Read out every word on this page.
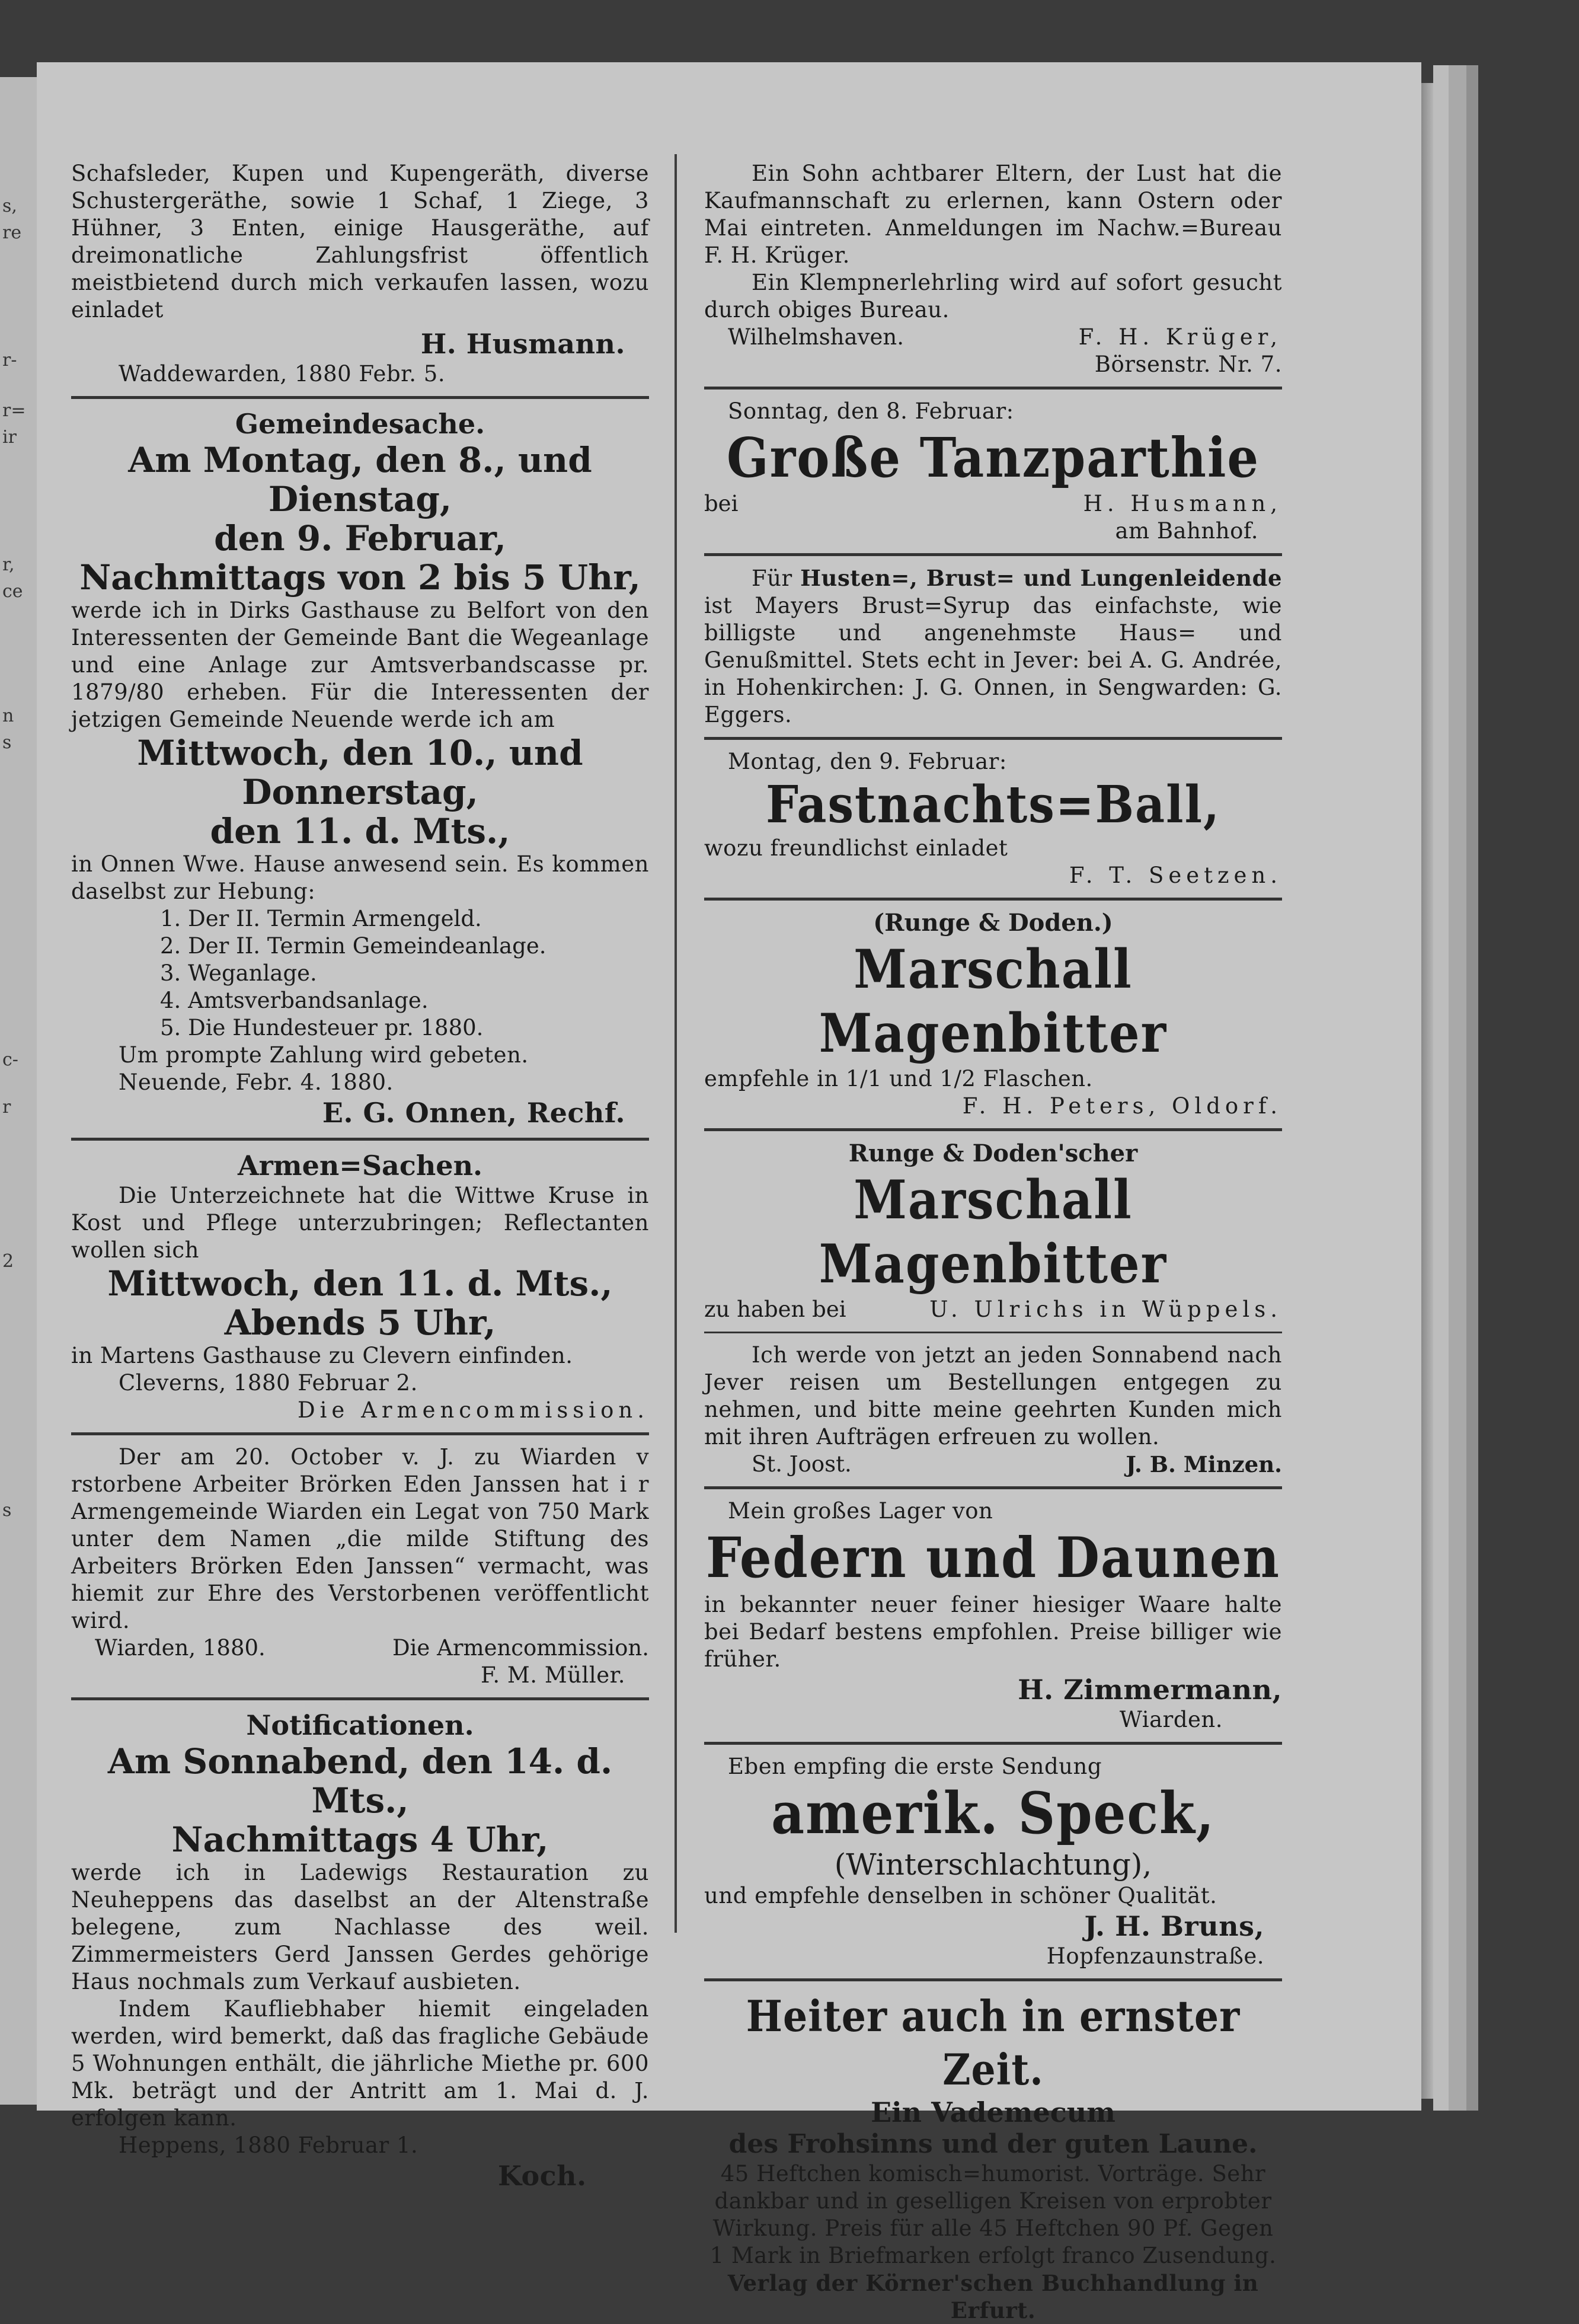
s,
re
r-
r=
ir
r,
ce
n
s
c-
r
2
s

Schafsleder, Kupen und Kupengeräth, diverse Schustergeräthe, sowie 1 Schaf, 1 Ziege, 3 Hühner, 3 Enten, einige Hausgeräthe, auf dreimonatliche Zahlungsfrist öffentlich meistbietend durch mich verkaufen lassen, wozu einladet

H. Husmann.

Waddewarden, 1880 Febr. 5.

Gemeindesache.

Am Montag, den 8., und Dienstag,

den 9. Februar,

Nachmittags von 2 bis 5 Uhr,

werde ich in Dirks Gasthause zu Belfort von den Interessenten der Gemeinde Bant die Wegeanlage und eine Anlage zur Amtsverbandscasse pr. 1879/80 erheben. Für die Interessenten der jetzigen Gemeinde Neuende werde ich am

Mittwoch, den 10., und Donnerstag,

den 11. d. Mts.,

in Onnen Wwe. Hause anwesend sein. Es kommen daselbst zur Hebung:

1. Der II. Termin Armengeld.
2. Der II. Termin Gemeindeanlage.
3. Weganlage.
4. Amtsverbandsanlage.
5. Die Hundesteuer pr. 1880.

Um prompte Zahlung wird gebeten.

Neuende, Febr. 4. 1880.

E. G. Onnen, Rechf.

Armen=Sachen.

Die Unterzeichnete hat die Wittwe Kruse in Kost und Pflege unterzubringen; Reflectanten wollen sich

Mittwoch, den 11. d. Mts.,

Abends 5 Uhr,

in Martens Gasthause zu Clevern einfinden.

Cleverns, 1880 Februar 2.

Die Armencommission.

Der am 20. October v. J. zu Wiarden v rstorbene Arbeiter Brörken Eden Janssen hat i r Armengemeinde Wiarden ein Legat von 750 Mark unter dem Namen „die milde Stiftung des Arbeiters Brörken Eden Janssen“ vermacht, was hiemit zur Ehre des Verstorbenen veröffentlicht wird.

Wiarden, 1880.	Die Armencommission.

F. M. Müller.

Notificationen.

Am Sonnabend, den 14. d. Mts.,

Nachmittags 4 Uhr,

werde ich in Ladewigs Restauration zu Neuheppens das daselbst an der Altenstraße belegene, zum Nachlasse des weil. Zimmermeisters Gerd Janssen Gerdes gehörige Haus nochmals zum Verkauf ausbieten.

Indem Kaufliebhaber hiemit eingeladen werden, wird bemerkt, daß das fragliche Gebäude 5 Wohnungen enthält, die jährliche Miethe pr. 600 Mk. beträgt und der Antritt am 1. Mai d. J. erfolgen kann.

Heppens, 1880 Februar 1.

Koch.

Ein Sohn achtbarer Eltern, der Lust hat die Kaufmannschaft zu erlernen, kann Ostern oder Mai eintreten. Anmeldungen im Nachw.=Bureau F. H. Krüger.

Ein Klempnerlehrling wird auf sofort gesucht durch obiges Bureau.

Wilhelmshaven.	F. H. Krüger,

Börsenstr. Nr. 7.

Sonntag, den 8. Februar:

Große Tanzparthie

bei	H. Husmann,

am Bahnhof.

Für Husten=, Brust= und Lungenleidende ist Mayers Brust=Syrup das einfachste, wie billigste und angenehmste Haus= und Genußmittel. Stets echt in Jever: bei A. G. Andrée, in Hohenkirchen: J. G. Onnen, in Sengwarden: G. Eggers.

Montag, den 9. Februar:

Fastnachts=Ball,

wozu freundlichst einladet

F. T. Seetzen.

(Runge & Doden.)

Marschall Magenbitter

empfehle in 1/1 und 1/2 Flaschen.

F. H. Peters, Oldorf.

Runge & Doden'scher

Marschall Magenbitter

zu haben bei	U. Ulrichs in Wüppels.

Ich werde von jetzt an jeden Sonnabend nach Jever reisen um Bestellungen entgegen zu nehmen, und bitte meine geehrten Kunden mich mit ihren Aufträgen erfreuen zu wollen.

St. Joost.	J. B. Minzen.

Mein großes Lager von

Federn und Daunen

in bekannter neuer feiner hiesiger Waare halte bei Bedarf bestens empfohlen. Preise billiger wie früher.

H. Zimmermann,

Wiarden.

Eben empfing die erste Sendung

amerik. Speck,

(Winterschlachtung),

und empfehle denselben in schöner Qualität.

J. H. Bruns,

Hopfenzaunstraße.

Heiter auch in ernster Zeit.

Ein Vademecum

des Frohsinns und der guten Laune.

45 Heftchen komisch=humorist. Vorträge. Sehr dankbar und in geselligen Kreisen von erprobter Wirkung. Preis für alle 45 Heftchen 90 Pf. Gegen 1 Mark in Briefmarken erfolgt franco Zusendung.

Verlag der Körner'schen Buchhandlung in Erfurt.
